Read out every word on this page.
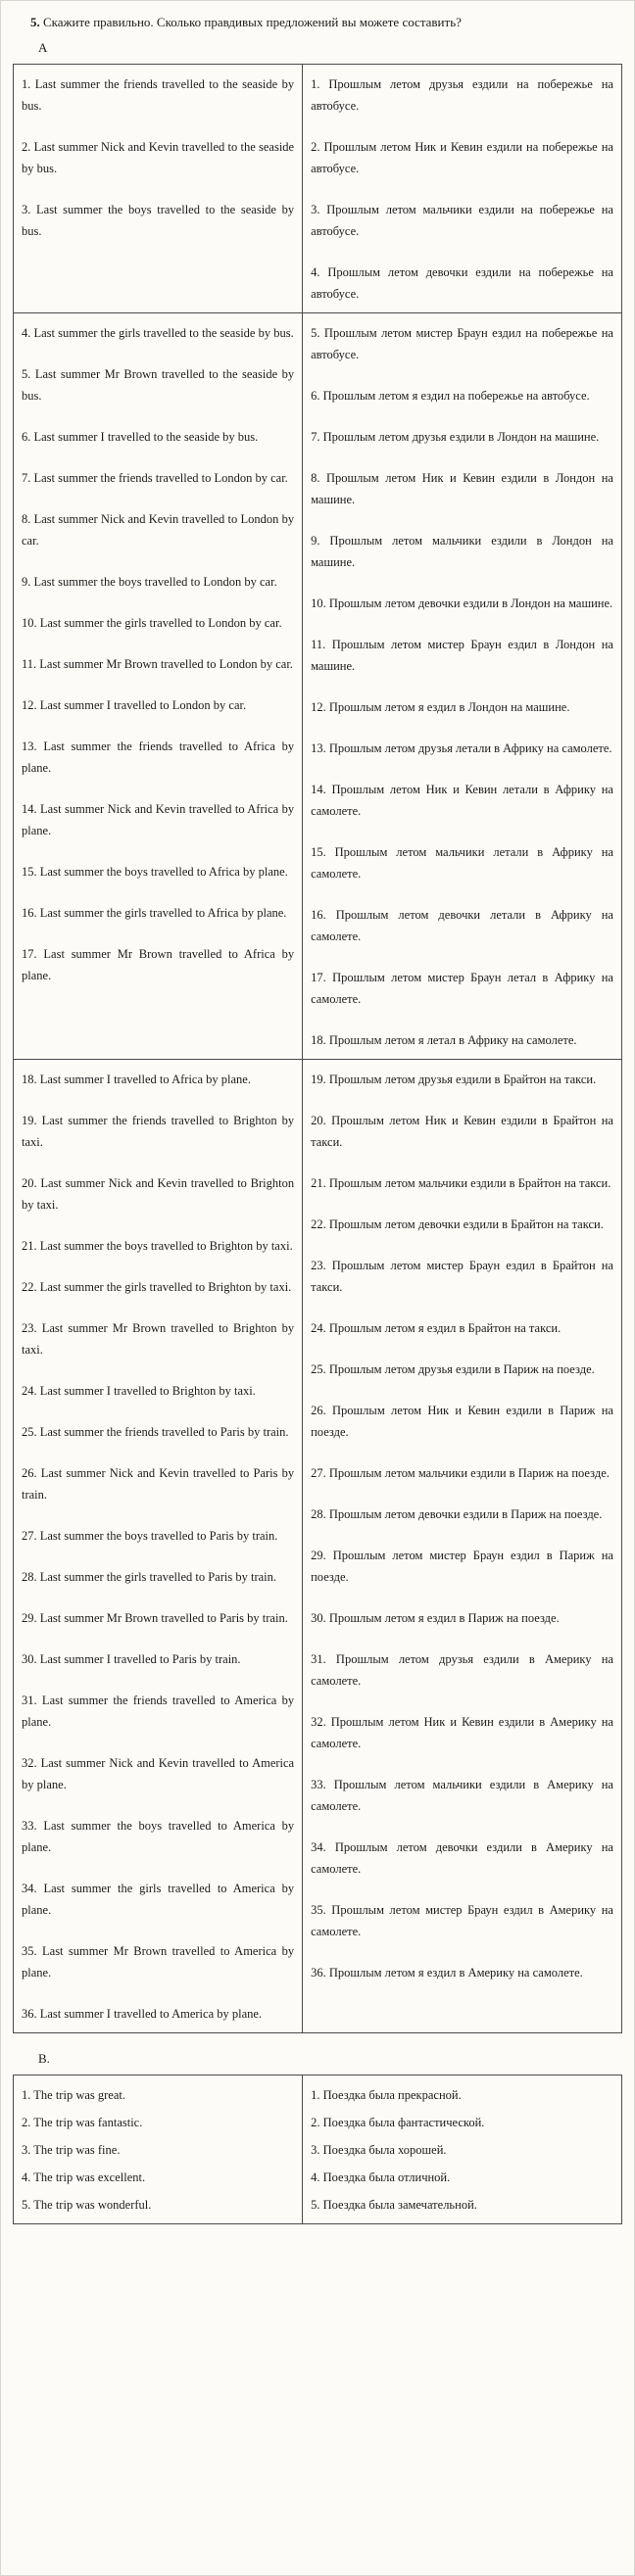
5. Скажите правильно. Сколько правдивых предложений вы можете составить?
А

1. Last summer the friends travelled to the seaside by bus.

2. Last summer Nick and Kevin travelled to the seaside by bus.

3. Last summer the boys travelled to the seaside by bus.

1. Прошлым летом друзья ездили на побережье на автобусе.

2. Прошлым летом Ник и Кевин ездили на побережье на автобусе.

3. Прошлым летом мальчики ездили на побережье на автобусе.

4. Прошлым летом девочки ездили на побережье на автобусе.

4. Last summer the girls travelled to the seaside by bus.

5. Last summer Mr Brown travelled to the seaside by bus.

6. Last summer I travelled to the seaside by bus.

7. Last summer the friends travelled to London by car.

8. Last summer Nick and Kevin travelled to London by car.

9. Last summer the boys travelled to London by car.

10. Last summer the girls travelled to London by car.

11. Last summer Mr Brown travelled to London by car.

12. Last summer I travelled to London by car.

13. Last summer the friends travelled to Africa by plane.

14. Last summer Nick and Kevin travelled to Africa by plane.

15. Last summer the boys travelled to Africa by plane.

16. Last summer the girls travelled to Africa by plane.

17. Last summer Mr Brown travelled to Africa by plane.

5. Прошлым летом мистер Браун ездил на побережье на автобусе.

6. Прошлым летом я ездил на побережье на автобусе.

7. Прошлым летом друзья ездили в Лондон на машине.

8. Прошлым летом Ник и Кевин ездили в Лондон на машине.

9. Прошлым летом мальчики ездили в Лондон на машине.

10. Прошлым летом девочки ездили в Лондон на машине.

11. Прошлым летом мистер Браун ездил в Лондон на машине.

12. Прошлым летом я ездил в Лондон на машине.

13. Прошлым летом друзья летали в Африку на самолете.

14. Прошлым летом Ник и Кевин летали в Африку на самолете.

15. Прошлым летом мальчики летали в Африку на самолете.

16. Прошлым летом девочки летали в Африку на самолете.

17. Прошлым летом мистер Браун летал в Африку на самолете.

18. Прошлым летом я летал в Африку на самолете.

18. Last summer I travelled to Africa by plane.

19. Last summer the friends travelled to Brighton by taxi.

20. Last summer Nick and Kevin travelled to Brighton by taxi.

21. Last summer the boys travelled to Brighton by taxi.

22. Last summer the girls travelled to Brighton by taxi.

23. Last summer Mr Brown travelled to Brighton by taxi.

24. Last summer I travelled to Brighton by taxi.

25. Last summer the friends travelled to Paris by train.

26. Last summer Nick and Kevin travelled to Paris by train.

27. Last summer the boys travelled to Paris by train.

28. Last summer the girls travelled to Paris by train.

29. Last summer Mr Brown travelled to Paris by train.

30. Last summer I travelled to Paris by train.

31. Last summer the friends travelled to America by plane.

32. Last summer Nick and Kevin travelled to America by plane.

33. Last summer the boys travelled to America by plane.

34. Last summer the girls travelled to America by plane.

35. Last summer Mr Brown travelled to America by plane.

36. Last summer I travelled to America by plane.

19. Прошлым летом друзья ездили в Брайтон на такси.

20. Прошлым летом Ник и Кевин ездили в Брайтон на такси.

21. Прошлым летом мальчики ездили в Брайтон на такси.

22. Прошлым летом девочки ездили в Брайтон на такси.

23. Прошлым летом мистер Браун ездил в Брайтон на такси.

24. Прошлым летом я ездил в Брайтон на такси.

25. Прошлым летом друзья ездили в Париж на поезде.

26. Прошлым летом Ник и Кевин ездили в Париж на поезде.

27. Прошлым летом мальчики ездили в Париж на поезде.

28. Прошлым летом девочки ездили в Париж на поезде.

29. Прошлым летом мистер Браун ездил в Париж на поезде.

30. Прошлым летом я ездил в Париж на поезде.

31. Прошлым летом друзья ездили в Америку на самолете.

32. Прошлым летом Ник и Кевин ездили в Америку на самолете.

33. Прошлым летом мальчики ездили в Америку на самолете.

34. Прошлым летом девочки ездили в Америку на самолете.

35. Прошлым летом мистер Браун ездил в Америку на самолете.

36. Прошлым летом я ездил в Америку на самолете.

В.

1. The trip was great.

2. The trip was fantastic.

3. The trip was fine.

4. The trip was excellent.

5. The trip was wonderful.

1. Поездка была прекрасной.

2. Поездка была фантастической.

3. Поездка была хорошей.

4. Поездка была отличной.

5. Поездка была замечательной.
